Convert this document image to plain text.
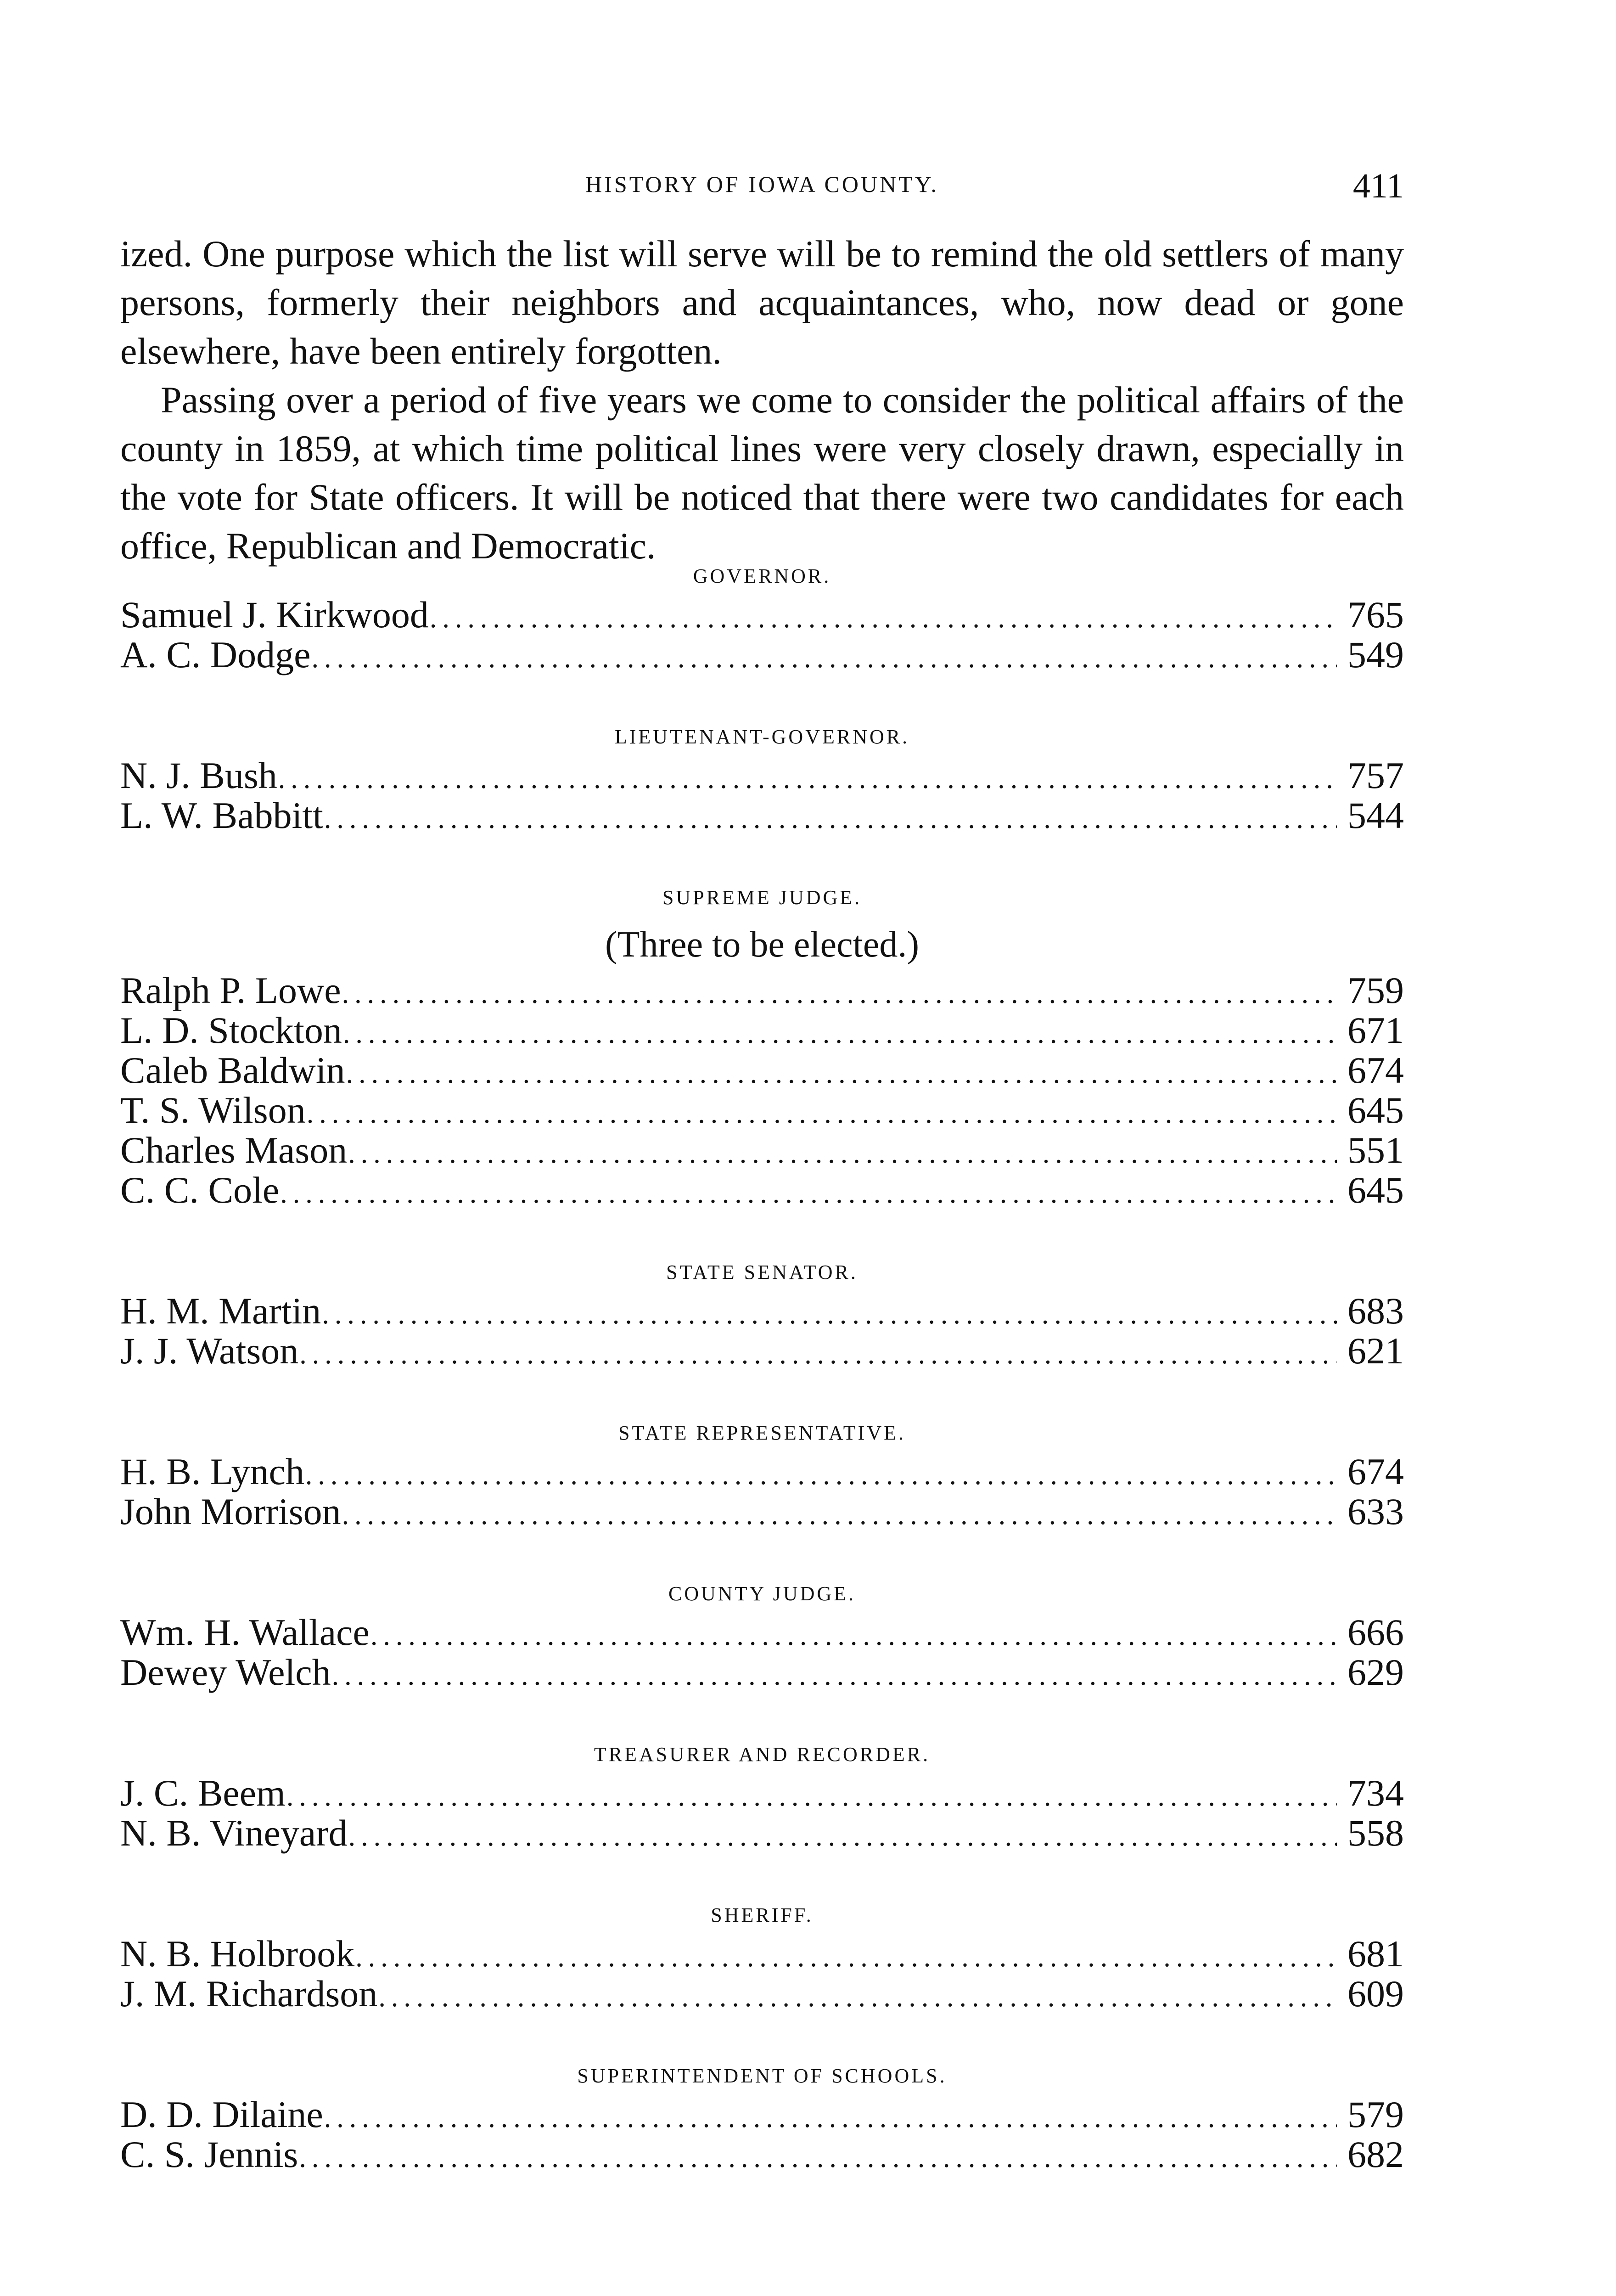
HISTORY OF IOWA COUNTY.	411

ized. One purpose which the list will serve will be to remind the old settlers of many persons, formerly their neighbors and acquaintances, who, now dead or gone elsewhere, have been entirely forgotten.

Passing over a period of five years we come to consider the political affairs of the county in 1859, at which time political lines were very closely drawn, especially in the vote for State officers. It will be noticed that there were two candidates for each office, Republican and Democratic.

GOVERNOR.
Samuel J. Kirkwood .....	765
A. C. Dodge .....	549
LIEUTENANT-GOVERNOR.
N. J. Bush .....	757
L. W. Babbitt .....	544
SUPREME JUDGE.
(Three to be elected.)
Ralph P. Lowe .....	759
L. D. Stockton .....	671
Caleb Baldwin .....	674
T. S. Wilson .....	645
Charles Mason .....	551
C. C. Cole .....	645
STATE SENATOR.
H. M. Martin .....	683
J. J. Watson .....	621
STATE REPRESENTATIVE.
H. B. Lynch .....	674
John Morrison .....	633
COUNTY JUDGE.
Wm. H. Wallace .....	666
Dewey Welch .....	629
TREASURER AND RECORDER.
J. C. Beem .....	734
N. B. Vineyard .....	558
SHERIFF.
N. B. Holbrook .....	681
J. M. Richardson .....	609
SUPERINTENDENT OF SCHOOLS.
D. D. Dilaine .....	579
C. S. Jennis .....	682
